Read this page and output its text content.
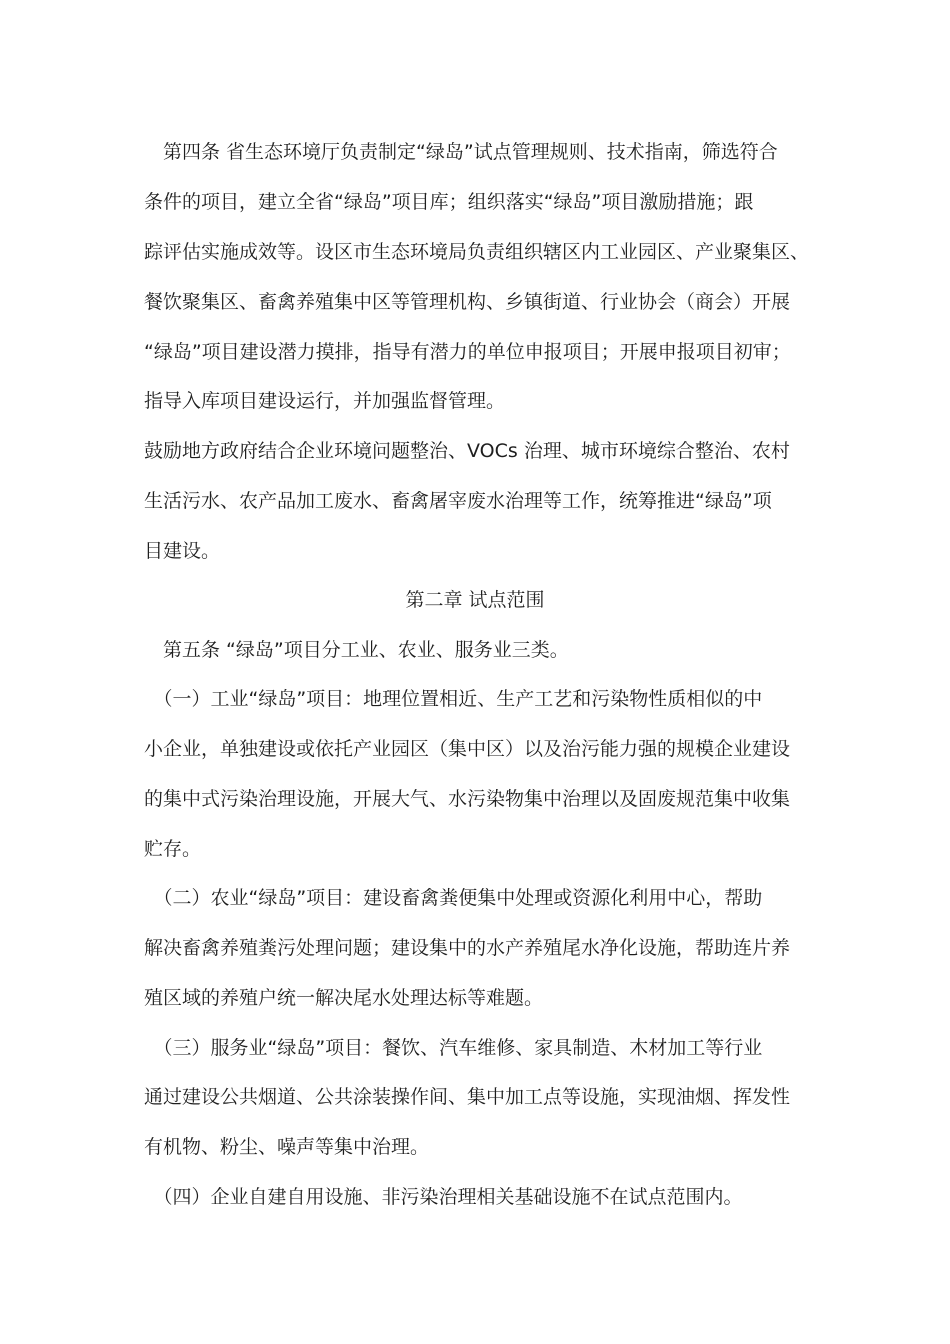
　第四条 省生态环境厅负责制定“绿岛”试点管理规则、技术指南，筛选符合
条件的项目，建立全省“绿岛”项目库；组织落实“绿岛”项目激励措施；跟
踪评估实施成效等。设区市生态环境局负责组织辖区内工业园区、产业聚集区、
餐饮聚集区、畜禽养殖集中区等管理机构、乡镇街道、行业协会（商会）开展
“绿岛”项目建设潜力摸排，指导有潜力的单位申报项目；开展申报项目初审；
指导入库项目建设运行，并加强监督管理。
鼓励地方政府结合企业环境问题整治、VOCs 治理、城市环境综合整治、农村
生活污水、农产品加工废水、畜禽屠宰废水治理等工作，统筹推进“绿岛”项
目建设。
第二章 试点范围
　第五条 “绿岛”项目分工业、农业、服务业三类。
　（一）工业“绿岛”项目：地理位置相近、生产工艺和污染物性质相似的中
小企业，单独建设或依托产业园区（集中区）以及治污能力强的规模企业建设
的集中式污染治理设施，开展大气、水污染物集中治理以及固废规范集中收集
贮存。
　（二）农业“绿岛”项目：建设畜禽粪便集中处理或资源化利用中心，帮助
解决畜禽养殖粪污处理问题；建设集中的水产养殖尾水净化设施，帮助连片养
殖区域的养殖户统一解决尾水处理达标等难题。
　（三）服务业“绿岛”项目：餐饮、汽车维修、家具制造、木材加工等行业
通过建设公共烟道、公共涂装操作间、集中加工点等设施，实现油烟、挥发性
有机物、粉尘、噪声等集中治理。
　（四）企业自建自用设施、非污染治理相关基础设施不在试点范围内。
